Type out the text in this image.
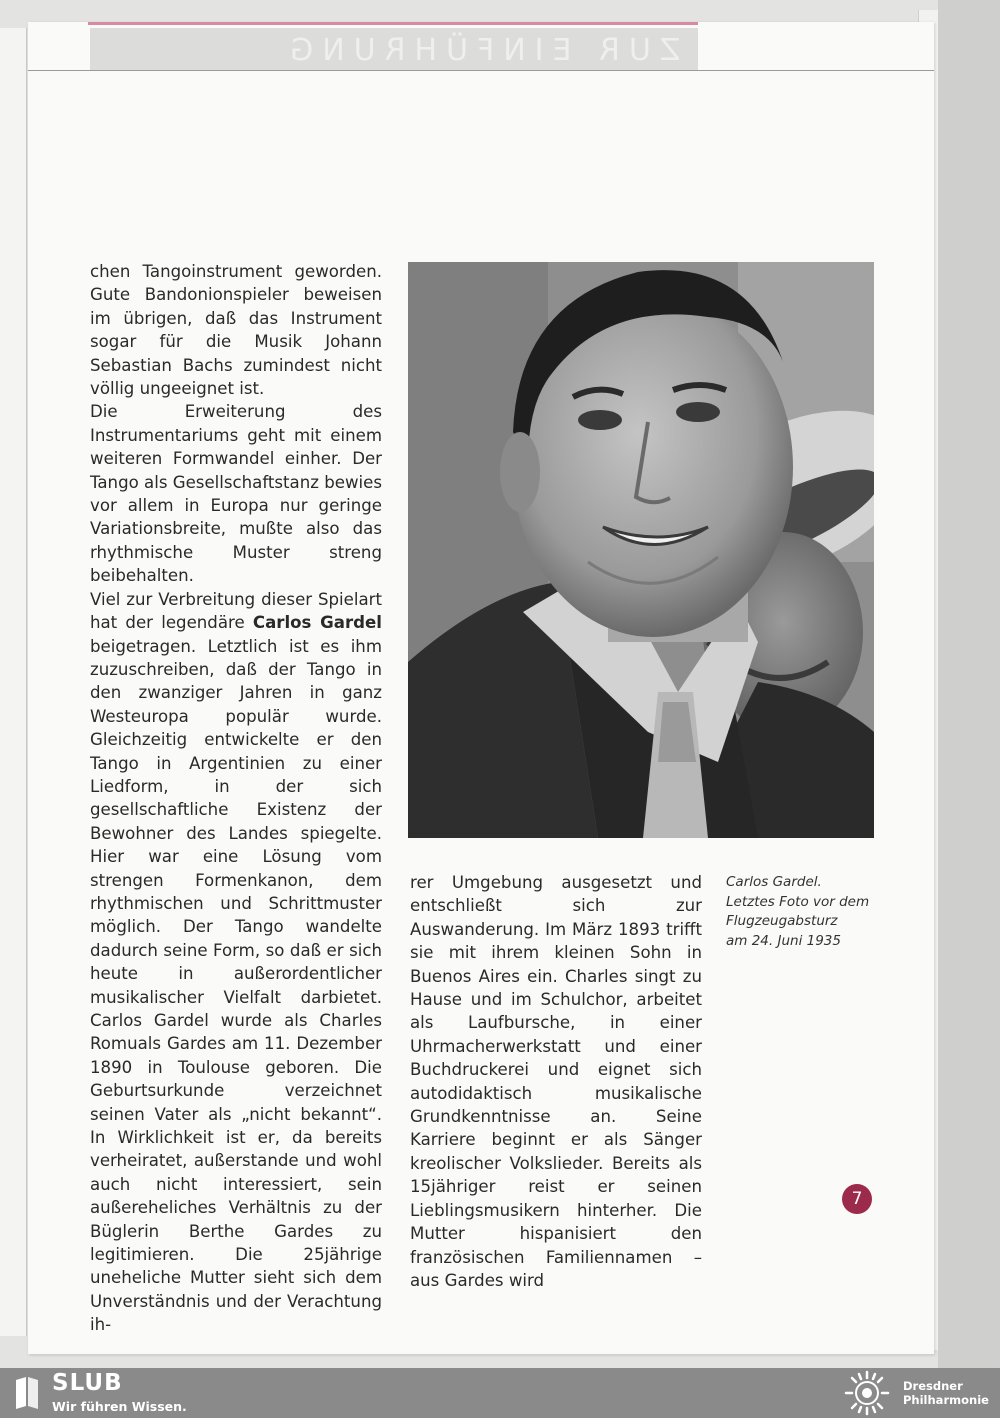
ZUR EINFÜHRUNG

chen Tangoinstrument geworden. Gute Bandonionspieler beweisen im übrigen, daß das Instrument sogar für die Musik Johann Sebastian Bachs zumindest nicht völlig ungeeignet ist.
Die Erweiterung des Instrumentariums geht mit einem weiteren Formwandel einher. Der Tango als Gesellschaftstanz bewies vor allem in Europa nur geringe Variationsbreite, mußte also das rhythmische Muster streng beibehalten.
Viel zur Verbreitung dieser Spielart hat der legendäre Carlos Gardel beigetragen. Letztlich ist es ihm zuzuschreiben, daß der Tango in den zwanziger Jahren in ganz Westeuropa populär wurde. Gleichzeitig entwickelte er den Tango in Argentinien zu einer Liedform, in der sich gesellschaftliche Existenz der Bewohner des Landes spiegelte. Hier war eine Lösung vom strengen Formenkanon, dem rhythmischen und Schrittmuster möglich. Der Tango wandelte dadurch seine Form, so daß er sich heute in außerordentlicher musikalischer Vielfalt darbietet. Carlos Gardel wurde als Charles Romuals Gardes am 11. Dezember 1890 in Toulouse geboren. Die Geburtsurkunde verzeichnet seinen Vater als „nicht bekannt“. In Wirklichkeit ist er, da bereits verheiratet, außerstande und wohl auch nicht interessiert, sein außereheliches Verhältnis zu der Büglerin Berthe Gardes zu legitimieren. Die 25jährige uneheliche Mutter sieht sich dem Unverständnis und der Verachtung ih-

rer Umgebung ausgesetzt und entschließt sich zur Auswanderung. Im März 1893 trifft sie mit ihrem kleinen Sohn in Buenos Aires ein. Charles singt zu Hause und im Schulchor, arbeitet als Laufbursche, in einer Uhrmacherwerkstatt und einer Buchdruckerei und eignet sich autodidaktisch musikalische Grundkenntnisse an. Seine Karriere beginnt er als Sänger kreolischer Volkslieder. Bereits als 15jähriger reist er seinen Lieblingsmusikern hinterher. Die Mutter hispanisiert den französischen Familiennamen – aus Gardes wird

Carlos Gardel.
Letztes Foto vor dem
Flugzeugabsturz
am 24. Juni 1935

7
SLUB
Wir führen Wissen.
Dresdner
Philharmonie
